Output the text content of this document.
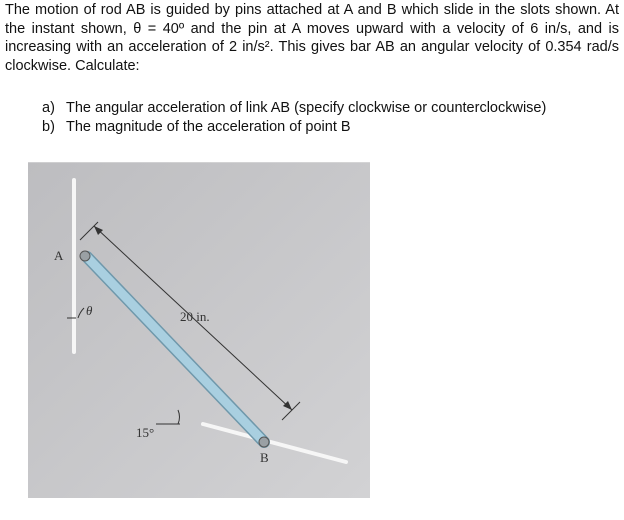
The motion of rod AB is guided by pins attached at A and B which slide in the slots shown. At the instant shown, θ = 40º and the pin at A moves upward with a velocity of 6 in/s, and is increasing with an acceleration of 2 in/s². This gives bar AB an angular velocity of 0.354 rad/s clockwise. Calculate:

a) The angular acceleration of link AB (specify clockwise or counterclockwise)
b) The magnitude of the acceleration of point B
A
B
θ	20 in.
15°
